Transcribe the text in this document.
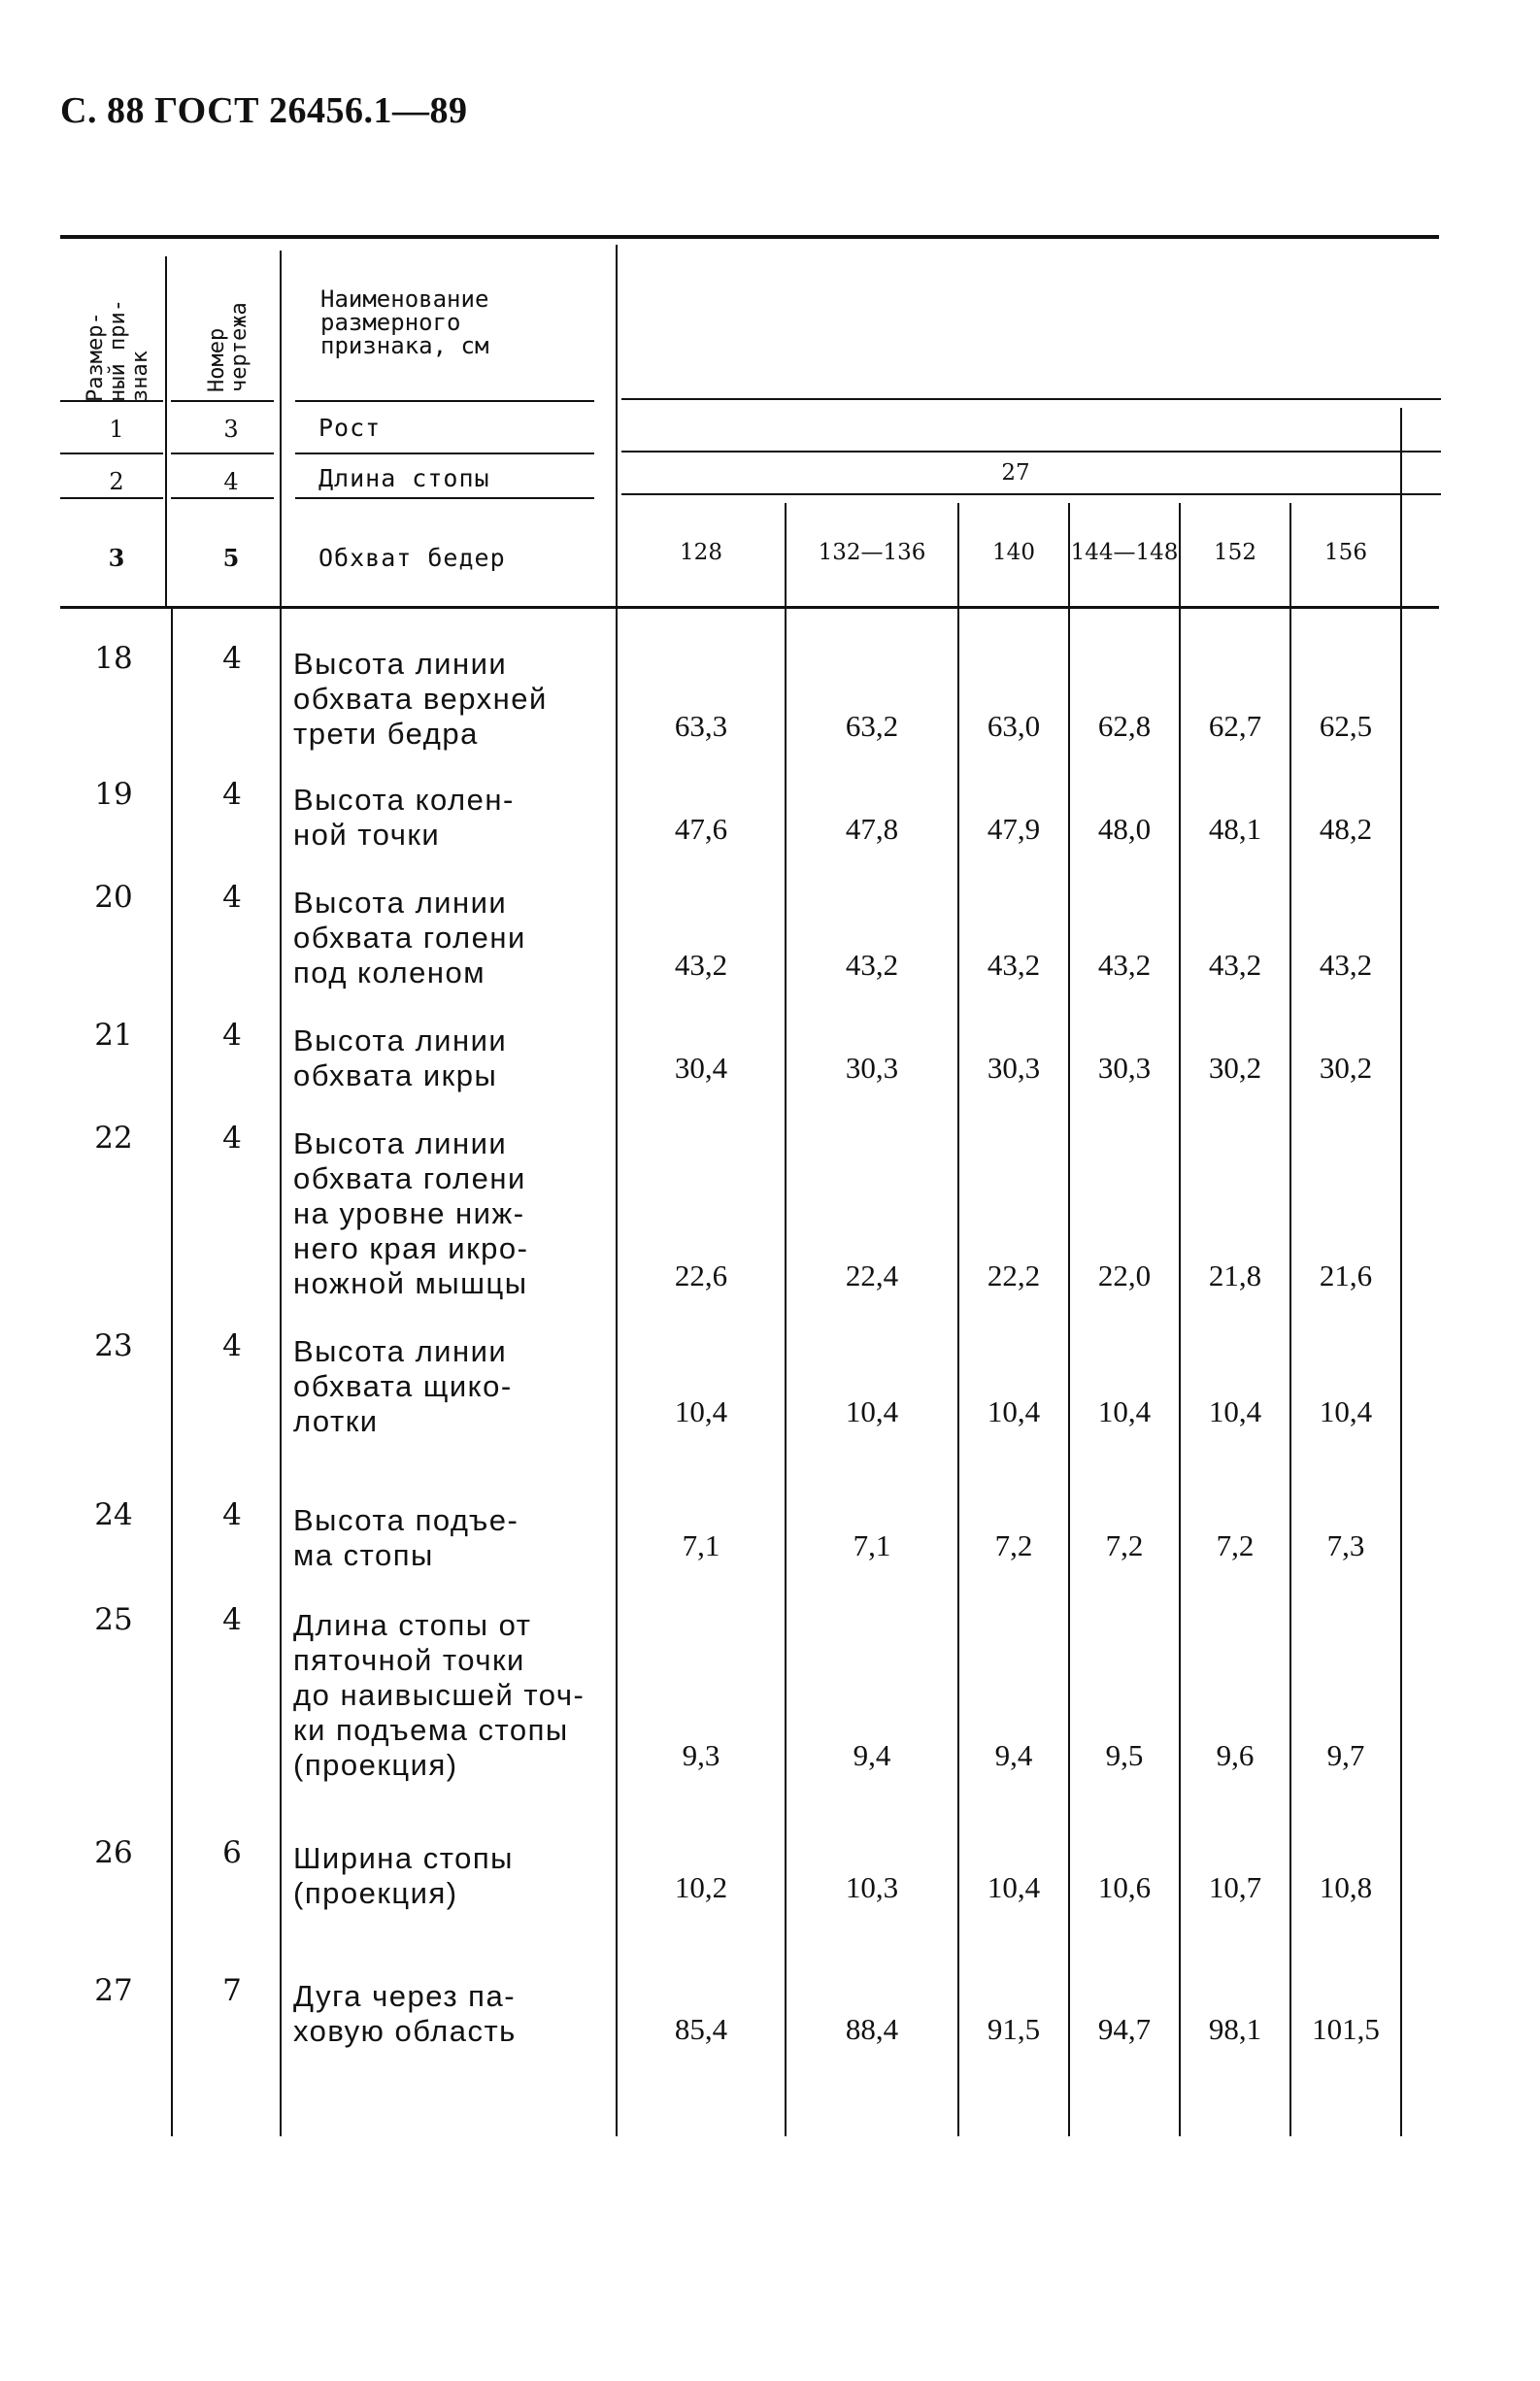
С. 88 ГОСТ 26456.1—89
Размер-
ный при-
знак Номер
чертежа
Наименование
размерного
признака, см
1	3	Рост
2	4	Длина стопы	27
3	5	Обхват бедер	128	132—136	140	144—148	152	156
18	4	Высота линии
обхвата верхней
трети бедра	63,3	63,2	63,0	62,8	62,7	62,5
19	4	Высота колен-
ной точки	47,6	47,8	47,9	48,0	48,1	48,2
20	4	Высота линии
обхвата голени
под коленом	43,2	43,2	43,2	43,2	43,2	43,2
21	4	Высота линии
обхвата икры	30,4	30,3	30,3	30,3	30,2	30,2
22	4	Высота линии
обхвата голени
на уровне ниж-
него края икро-
ножной мышцы	22,6	22,4	22,2	22,0	21,8	21,6
23	4	Высота линии
обхвата щико-
лотки	10,4	10,4	10,4	10,4	10,4	10,4
24	4	Высота подъе-
ма стопы	7,1	7,1	7,2	7,2	7,2	7,3
25	4	Длина стопы от
пяточной точки
до наивысшей точ-
ки подъема стопы
(проекция)	9,3	9,4	9,4	9,5	9,6	9,7
26	6	Ширина стопы
(проекция)	10,2	10,3	10,4	10,6	10,7	10,8
27	7	Дуга через па-
ховую область	85,4	88,4	91,5	94,7	98,1	101,5
